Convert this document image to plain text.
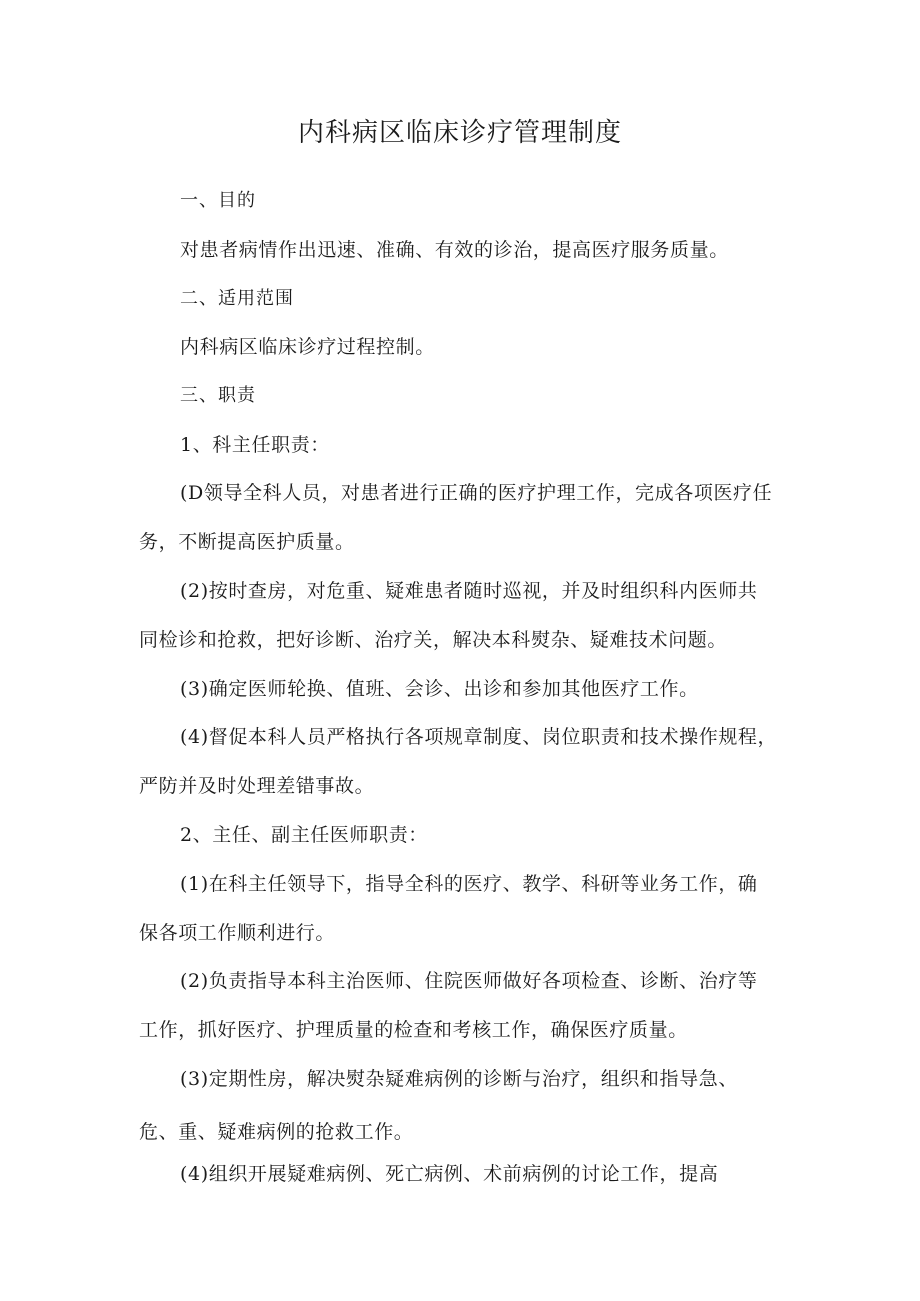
内科病区临床诊疗管理制度
一、目的
对患者病情作出迅速、准确、有效的诊治，提高医疗服务质量。
二、适用范围
内科病区临床诊疗过程控制。
三、职责
1、科主任职责：
(D领导全科人员，对患者进行正确的医疗护理工作，完成各项医疗任
务，不断提高医护质量。
(2)按时查房，对危重、疑难患者随时巡视，并及时组织科内医师共
同检诊和抢救，把好诊断、治疗关，解决本科熨杂、疑难技术问题。
(3)确定医师轮换、值班、会诊、出诊和参加其他医疗工作。
(4)督促本科人员严格执行各项规章制度、岗位职责和技术操作规程，
严防并及时处理差错事故。
2、主任、副主任医师职责：
(1)在科主任领导下，指导全科的医疗、教学、科研等业务工作，确
保各项工作顺利进行。
(2)负责指导本科主治医师、住院医师做好各项检查、诊断、治疗等
工作，抓好医疗、护理质量的检查和考核工作，确保医疗质量。
(3)定期性房，解决熨杂疑难病例的诊断与治疗，组织和指导急、
危、重、疑难病例的抢救工作。
(4)组织开展疑难病例、死亡病例、术前病例的讨论工作，提高
